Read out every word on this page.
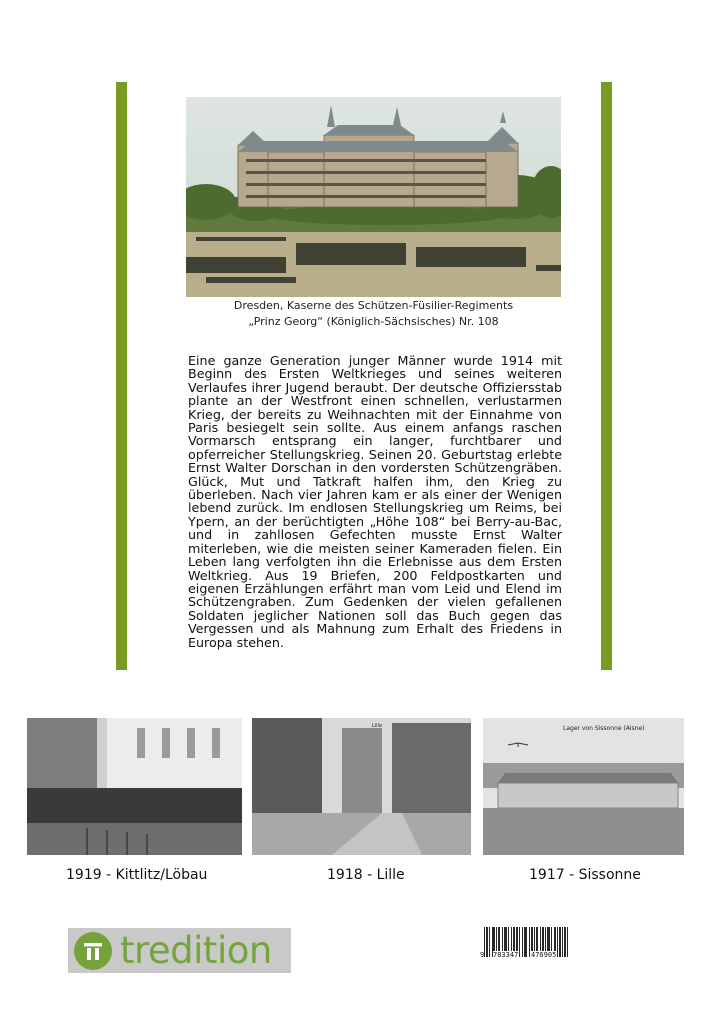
Dresden, Kaserne des Schützen-Füsilier-Regiments
„Prinz Georg“ (Königlich-Sächsisches) Nr. 108

Eine ganze Generation junger Männer wurde 1914 mit Beginn des Ersten Weltkrieges und seines weiteren Verlaufes ihrer Jugend beraubt. Der deutsche Offiziersstab plante an der Westfront einen schnellen, verlustarmen Krieg, der bereits zu Weihnachten mit der Einnahme von Paris besiegelt sein sollte. Aus einem anfangs raschen Vormarsch entsprang ein langer, furchtbarer und opferreicher Stellungskrieg. Seinen 20. Geburtstag erlebte Ernst Walter Dorschan in den vordersten Schützengräben. Glück, Mut und Tatkraft halfen ihm, den Krieg zu überleben. Nach vier Jahren kam er als einer der Wenigen lebend zurück. Im endlosen Stellungskrieg um Reims, bei Ypern, an der berüchtigten „Höhe 108“ bei Berry-au-Bac, und in zahllosen Gefechten musste Ernst Walter miterleben, wie die meisten seiner Kameraden fielen. Ein Leben lang verfolgten ihn die Erlebnisse aus dem Ersten Weltkrieg. Aus 19 Briefen, 200 Feldpostkarten und eigenen Erzählungen erfährt man vom Leid und Elend im Schützengraben. Zum Gedenken der vielen gefallenen Soldaten jeglicher Nationen soll das Buch gegen das Vergessen und als Mahnung zum Erhalt des Friedens in Europa stehen.

Lille	Lager von Sissonne (Aisne)
1919 - Kittlitz/Löbau	1918 - Lille	1917 - Sissonne
tredition	9 783347 476905
